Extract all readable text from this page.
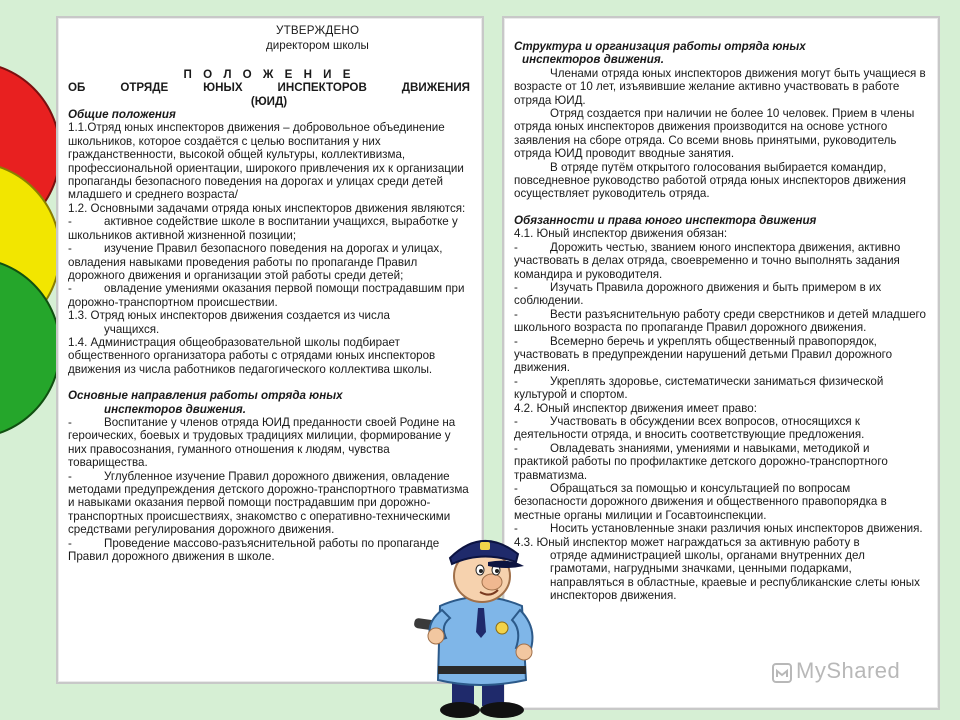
УТВЕРЖДЕНО
директором школы
П О Л О Ж Е Н И Е
ОБ ОТРЯДЕ ЮНЫХ ИНСПЕКТОРОВ ДВИЖЕНИЯ
(ЮИД)
Общие положения

1.1.Отряд юных инспекторов движения – добровольное объединение школьников, которое создаётся с целью воспитания у них гражданственности, высокой общей культуры, коллективизма, профессиональной ориентации, широкого привлечения их к организации пропаганды безопасного поведения на дорогах и улицах среди детей младшего и среднего возраста/

1.2. Основными задачами отряда юных инспекторов движения являются:

-	активное содействие школе в воспитании учащихся, выработке у школьников активной жизненной позиции;

-	изучение Правил безопасного поведения на дорогах и улицах, овладения навыками проведения работы по пропаганде Правил дорожного движения и организации этой работы среди детей;

-	овладение умениями оказания первой помощи пострадавшим при дорожно-транспортном происшествии.

1.3. Отряд юных инспекторов движения создается из числа

учащихся.

1.4. Администрация общеобразовательной школы подбирает общественного организатора работы с отрядами юных инспекторов движения из числа работников педагогического коллектива школы.

Основные направления работы отряда юных
инспекторов движения.

-	Воспитание у членов отряда ЮИД преданности своей Родине на героических, боевых и трудовых традициях милиции, формирование у них правосознания, гуманного отношения к людям, чувства товарищества.

-	Углубленное изучение Правил дорожного движения, овладение методами предупреждения детского дорожно-транспортного травматизма и навыками оказания первой помощи пострадавшим при дорожно-транспортных происшествиях, знакомство с оперативно-техническими средствами регулирования дорожного движения.

-	Проведение массово-разъяснительной работы по пропаганде Правил дорожного движения в школе.

Структура и организация работы отряда юных
инспекторов движения.

Членами отряда юных инспекторов движения могут быть учащиеся в возрасте от 10 лет, изъявившие желание активно участвовать в работе отряда ЮИД.

Отряд создается при наличии не более 10 человек. Прием в члены отряда юных инспекторов движения производится на основе устного заявления на сборе отряда. Со всеми вновь принятыми, руководитель отряда ЮИД проводит вводные занятия.

В отряде путём открытого голосования выбирается командир, повседневное руководство работой отряда юных инспекторов движения осуществляет руководитель отряда.

Обязанности и права юного инспектора движения

4.1. Юный инспектор движения обязан:

-	Дорожить честью, званием юного инспектора движения, активно участвовать в делах отряда, своевременно и точно выполнять задания командира и руководителя.

-	Изучать Правила дорожного движения и быть примером в их соблюдении.

-	Вести разъяснительную работу среди сверстников и детей младшего школьного возраста по пропаганде Правил дорожного движения.

-	Всемерно беречь и укреплять общественный правопорядок, участвовать в предупреждении нарушений детьми Правил дорожного движения.

-	Укреплять здоровье, систематически заниматься физической культурой и спортом.

4.2. Юный инспектор движения имеет право:

-	Участвовать в обсуждении всех вопросов, относящихся к деятельности отряда, и вносить соответствующие предложения.

-	Овладевать знаниями, умениями и навыками, методикой и практикой работы по профилактике детского дорожно-транспортного травматизма.

-	Обращаться за помощью и консультацией по вопросам безопасности дорожного движения и общественного правопорядка в местные органы милиции и Госавтоинспекции.

-	Носить установленные знаки различия юных инспекторов движения.

4.3. Юный инспектор может награждаться за активную работу в

отряде администрацией школы, органами внутренних дел грамотами, нагрудными значками, ценными подарками, направляться в областные, краевые и республиканские слеты юных инспекторов движения.

MyShared
